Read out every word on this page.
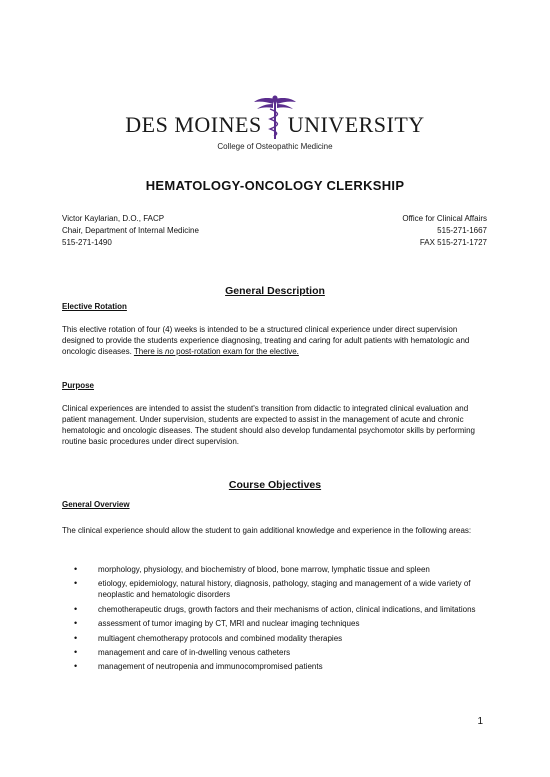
DES MOINES UNIVERSITY
College of Osteopathic Medicine
HEMATOLOGY-ONCOLOGY CLERKSHIP
Victor Kaylarian, D.O., FACP
Chair, Department of Internal Medicine
515-271-1490
Office for Clinical Affairs
515-271-1667
FAX 515-271-1727
General Description
Elective Rotation
This elective rotation of four (4) weeks is intended to be a structured clinical experience under direct supervision designed to provide the students experience diagnosing, treating and caring for adult patients with hematologic and oncologic diseases. There is no post-rotation exam for the elective.
Purpose
Clinical experiences are intended to assist the student's transition from didactic to integrated clinical evaluation and patient management. Under supervision, students are expected to assist in the management of acute and chronic hematologic and oncologic diseases. The student should also develop fundamental psychomotor skills by performing routine basic procedures under direct supervision.
Course Objectives
General Overview
The clinical experience should allow the student to gain additional knowledge and experience in the following areas:
• morphology, physiology, and biochemistry of blood, bone marrow, lymphatic tissue and spleen
• etiology, epidemiology, natural history, diagnosis, pathology, staging and management of a wide variety of neoplastic and hematologic disorders
• chemotherapeutic drugs, growth factors and their mechanisms of action, clinical indications, and limitations
• assessment of tumor imaging by CT, MRI and nuclear imaging techniques
• multiagent chemotherapy protocols and combined modality therapies
• management and care of in-dwelling venous catheters
• management of neutropenia and immunocompromised patients
1
